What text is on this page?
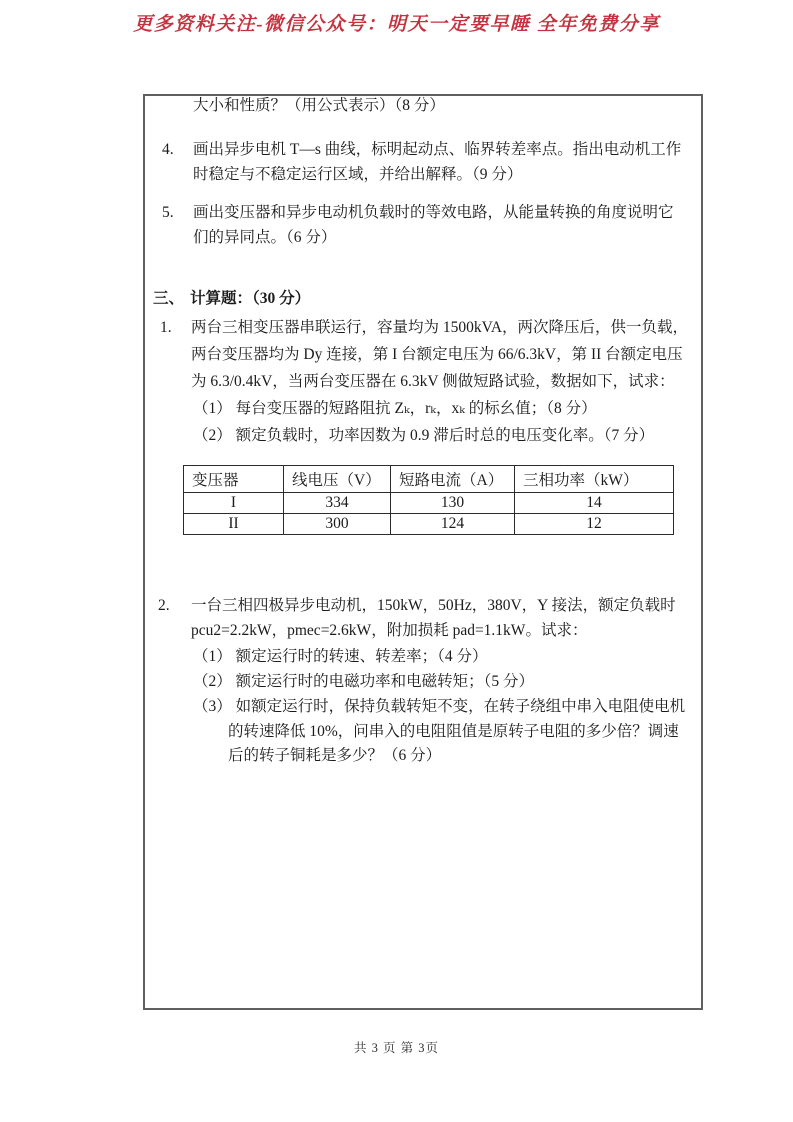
更多资料关注-微信公众号：明天一定要早睡 全年免费分享
大小和性质？（用公式表示）（8 分）
4. 画出异步电机 T—s 曲线，标明起动点、临界转差率点。指出电动机工作
时稳定与不稳定运行区域，并给出解释。（9 分）
5. 画出变压器和异步电动机负载时的等效电路，从能量转换的角度说明它
们的异同点。（6 分）
三、 计算题：（30 分）
1. 两台三相变压器串联运行，容量均为 1500kVA，两次降压后，供一负载，
两台变压器均为 Dy 连接，第 I 台额定电压为 66/6.3kV，第 II 台额定电压
为 6.3/0.4kV，当两台变压器在 6.3kV 侧做短路试验，数据如下，试求：
（1） 每台变压器的短路阻抗 Zₖ，rₖ，xₖ 的标幺值；（8 分）
（2） 额定负载时，功率因数为 0.9 滞后时总的电压变化率。（7 分）
变压器	线电压（V）	短路电流（A）	三相功率（kW）
I	334	130	14
II	300	124	12
2. 一台三相四极异步电动机，150kW，50Hz，380V，Y 接法，额定负载时
pcu2=2.2kW，pmec=2.6kW，附加损耗 pad=1.1kW。试求：
（1） 额定运行时的转速、转差率；（4 分）
（2） 额定运行时的电磁功率和电磁转矩；（5 分）
（3） 如额定运行时，保持负载转矩不变，在转子绕组中串入电阻使电机
的转速降低 10%，问串入的电阻阻值是原转子电阻的多少倍？调速
后的转子铜耗是多少？（6 分）
共 3 页 第 3页
